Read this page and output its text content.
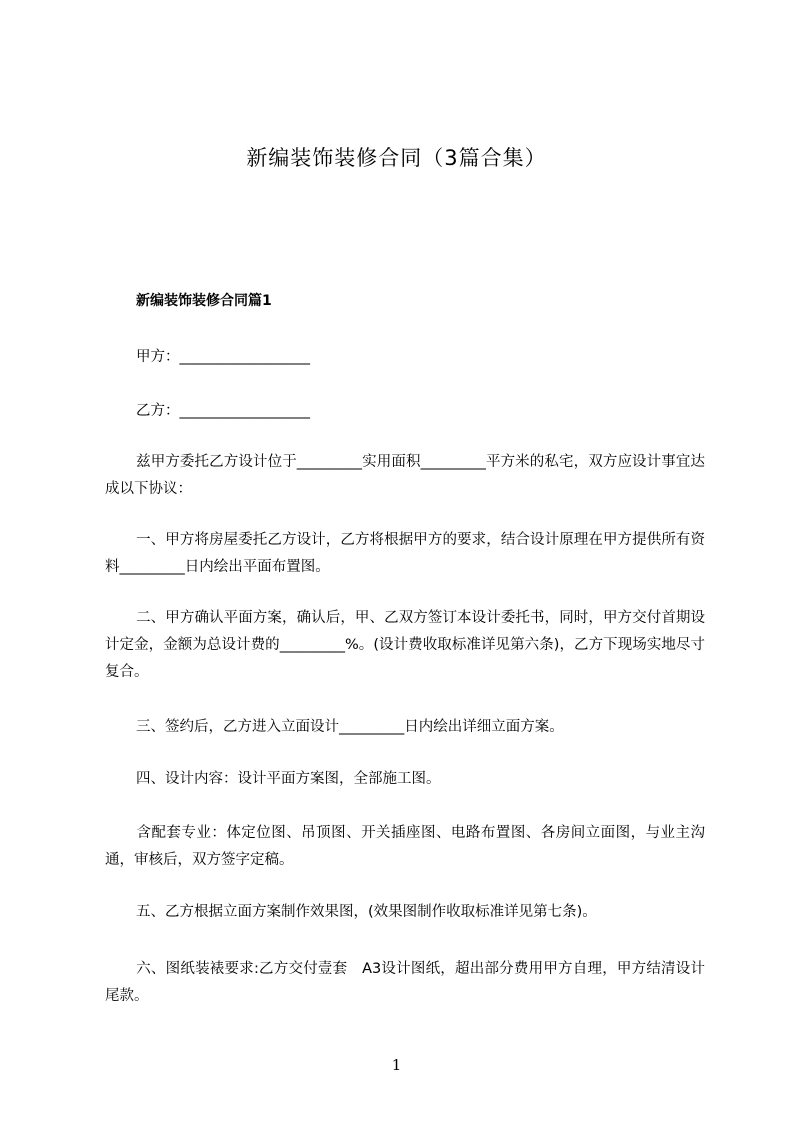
新编装饰装修合同（3篇合集）
新编装饰装修合同篇1
甲方：__________________
乙方：__________________
兹甲方委托乙方设计位于_________实用面积_________平方米的私宅，双方应设计事宜达成以下协议：
一、甲方将房屋委托乙方设计，乙方将根据甲方的要求，结合设计原理在甲方提供所有资料_________日内绘出平面布置图。
二、甲方确认平面方案，确认后，甲、乙双方签订本设计委托书，同时，甲方交付首期设计定金，金额为总设计费的_________%。(设计费收取标准详见第六条)，乙方下现场实地尽寸复合。
三、签约后，乙方进入立面设计_________日内绘出详细立面方案。
四、设计内容：设计平面方案图，全部施工图。
含配套专业：体定位图、吊顶图、开关插座图、电路布置图、各房间立面图，与业主沟通，审核后，双方签字定稿。
五、乙方根据立面方案制作效果图，(效果图制作收取标准详见第七条)。
六、图纸装裱要求:乙方交付壹套　A3设计图纸，超出部分费用甲方自理，甲方结清设计尾款。
1
